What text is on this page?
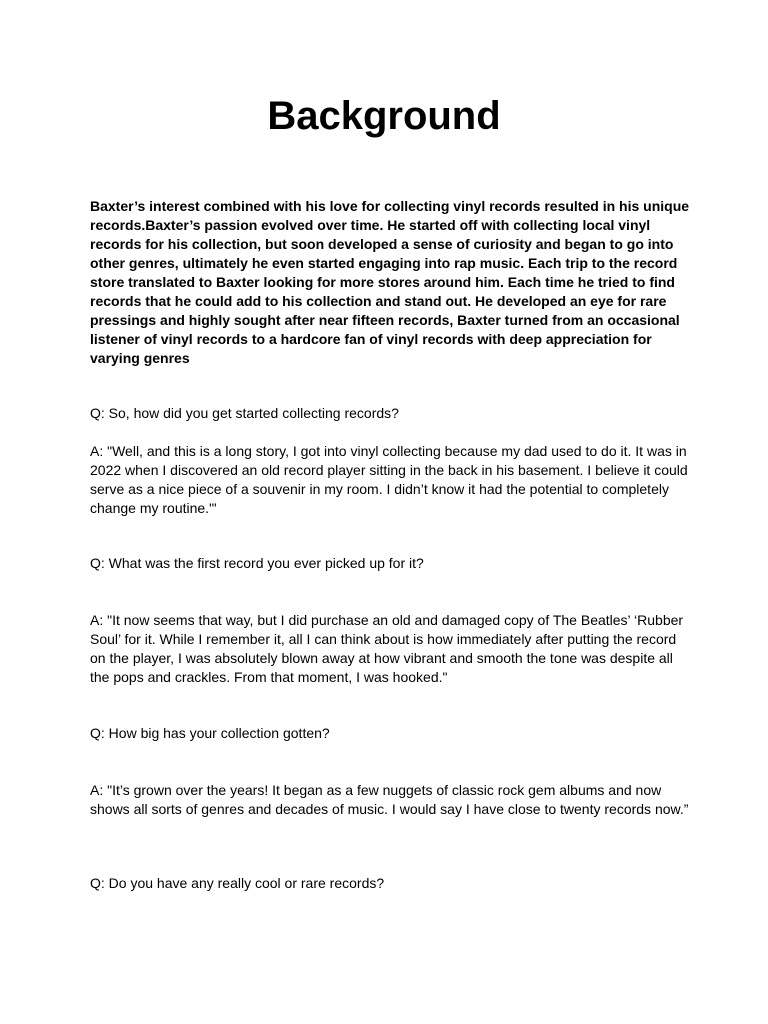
Background

Baxter’s interest combined with his love for collecting vinyl records resulted in his unique records.Baxter’s passion evolved over time. He started off with collecting local vinyl records for his collection, but soon developed a sense of curiosity and began to go into other genres, ultimately he even started engaging into rap music. Each trip to the record store translated to Baxter looking for more stores around him. Each time he tried to find records that he could add to his collection and stand out. He developed an eye for rare pressings and highly sought after near fifteen records, Baxter turned from an occasional listener of vinyl records to a hardcore fan of vinyl records with deep appreciation for varying genres

Q: So, how did you get started collecting records?

A: "Well, and this is a long story, I got into vinyl collecting because my dad used to do it. It was in 2022 when I discovered an old record player sitting in the back in his basement. I believe it could serve as a nice piece of a souvenir in my room. I didn’t know it had the potential to completely change my routine."'

Q: What was the first record you ever picked up for it?

A: "It now seems that way, but I did purchase an old and damaged copy of The Beatles’ ‘Rubber Soul’ for it. While I remember it, all I can think about is how immediately after putting the record on the player, I was absolutely blown away at how vibrant and smooth the tone was despite all the pops and crackles. From that moment, I was hooked."

Q: How big has your collection gotten?

A: "It’s grown over the years! It began as a few nuggets of classic rock gem albums and now shows all sorts of genres and decades of music. I would say I have close to twenty records now.”

Q: Do you have any really cool or rare records?
